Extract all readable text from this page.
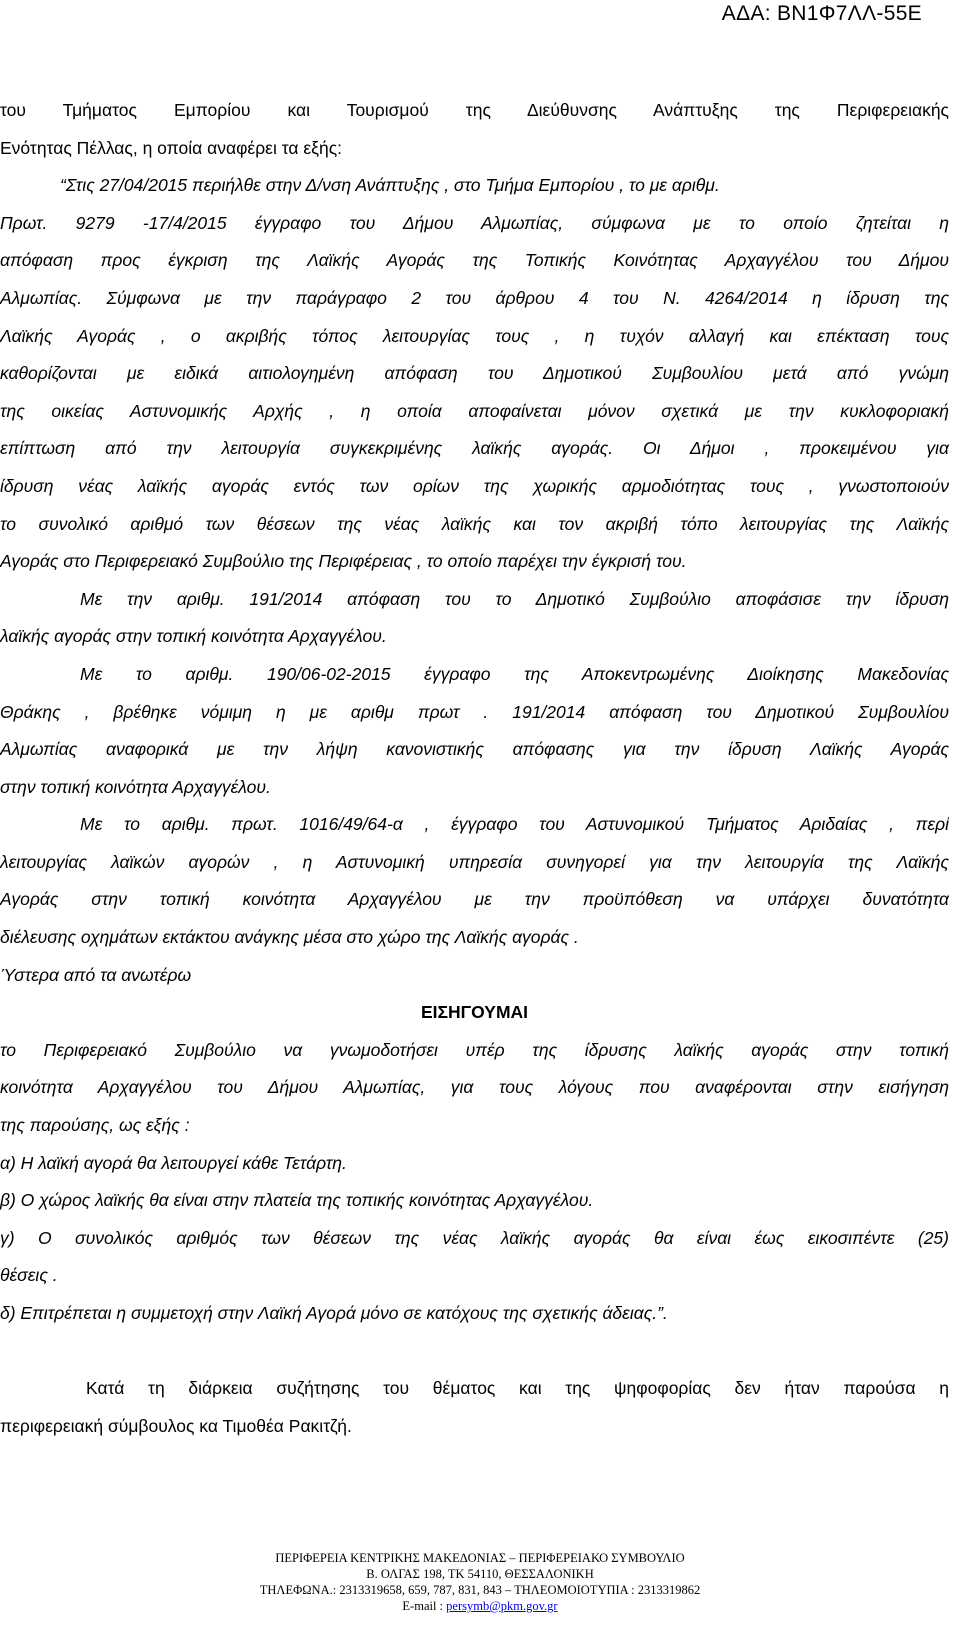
ΑΔΑ: ΒΝ1Φ7ΛΛ-55Ε
του Τμήματος Εμπορίου και Τουρισμού της Διεύθυνσης Ανάπτυξης της Περιφερειακής
Ενότητας Πέλλας, η οποία αναφέρει τα εξής:
“Στις 27/04/2015 περιήλθε στην Δ/νση Ανάπτυξης , στο Τμήμα Εμπορίου , το με αριθμ.
Πρωτ. 9279 -17/4/2015 έγγραφο του Δήμου Αλμωπίας, σύμφωνα με το οποίο ζητείται η
απόφαση προς έγκριση της Λαϊκής Αγοράς της Τοπικής Κοινότητας Αρχαγγέλου του Δήμου
Αλμωπίας. Σύμφωνα με την παράγραφο 2 του άρθρου 4 του Ν. 4264/2014 η ίδρυση της
Λαϊκής Αγοράς , ο ακριβής τόπος λειτουργίας τους , η τυχόν αλλαγή και επέκταση τους
καθορίζονται με ειδικά αιτιολογημένη απόφαση του Δημοτικού Συμβουλίου μετά από γνώμη
της οικείας Αστυνομικής Αρχής , η οποία αποφαίνεται μόνον σχετικά με την κυκλοφοριακή
επίπτωση από την λειτουργία συγκεκριμένης λαϊκής αγοράς. Οι Δήμοι , προκειμένου για
ίδρυση νέας λαϊκής αγοράς εντός των ορίων της χωρικής αρμοδιότητας τους , γνωστοποιούν
το συνολικό αριθμό των θέσεων της νέας λαϊκής και τον ακριβή τόπο λειτουργίας της Λαϊκής
Αγοράς στο Περιφερειακό Συμβούλιο της Περιφέρειας , το οποίο παρέχει την έγκρισή του.
Με την αριθμ. 191/2014 απόφαση του το Δημοτικό Συμβούλιο αποφάσισε την ίδρυση
λαϊκής αγοράς στην τοπική κοινότητα Αρχαγγέλου.
Με το αριθμ. 190/06-02-2015 έγγραφο της Αποκεντρωμένης Διοίκησης Μακεδονίας
Θράκης , βρέθηκε νόμιμη η με αριθμ πρωτ . 191/2014 απόφαση του Δημοτικού Συμβουλίου
Αλμωπίας αναφορικά με την λήψη κανονιστικής απόφασης για την ίδρυση Λαϊκής Αγοράς
στην τοπική κοινότητα Αρχαγγέλου.
Με το αριθμ. πρωτ. 1016/49/64-α , έγγραφο του Αστυνομικού Τμήματος Αριδαίας , περί
λειτουργίας λαϊκών αγορών , η Αστυνομική υπηρεσία συνηγορεί για την λειτουργία της Λαϊκής
Αγοράς στην τοπική κοινότητα Αρχαγγέλου με την προϋπόθεση να υπάρχει δυνατότητα
διέλευσης οχημάτων εκτάκτου ανάγκης μέσα στο χώρο της Λαϊκής αγοράς .
Ύστερα από τα ανωτέρω
ΕΙΣΗΓΟΥΜΑΙ
το Περιφερειακό Συμβούλιο να γνωμοδοτήσει υπέρ της ίδρυσης λαϊκής αγοράς στην τοπική
κοινότητα Αρχαγγέλου του Δήμου Αλμωπίας, για τους λόγους που αναφέρονται στην εισήγηση
της παρούσης, ως εξής :
α) Η λαϊκή αγορά θα λειτουργεί κάθε Τετάρτη.
β) Ο χώρος λαϊκής θα είναι στην πλατεία της τοπικής κοινότητας Αρχαγγέλου.
γ) Ο συνολικός αριθμός των θέσεων της νέας λαϊκής αγοράς θα είναι έως εικοσιπέντε (25)
θέσεις .
δ) Επιτρέπεται η συμμετοχή στην Λαϊκή Αγορά μόνο σε κατόχους της σχετικής άδειας.”.
Κατά τη διάρκεια συζήτησης του θέματος και της ψηφοφορίας δεν ήταν παρούσα η
περιφερειακή σύμβουλος κα Τιμοθέα Ρακιτζή.
ΠΕΡΙΦΕΡΕΙΑ ΚΕΝΤΡΙΚΗΣ ΜΑΚΕΔΟΝΙΑΣ – ΠΕΡΙΦΕΡΕΙΑΚΟ ΣΥΜΒΟΥΛΙΟ
Β. ΟΛΓΑΣ 198, ΤΚ 54110, ΘΕΣΣΑΛΟΝΙΚΗ
ΤΗΛΕΦΩΝΑ.: 2313319658, 659, 787, 831, 843 – ΤΗΛΕΟΜΟΙΟΤΥΠΙΑ : 2313319862
E-mail : persymb@pkm.gov.gr
